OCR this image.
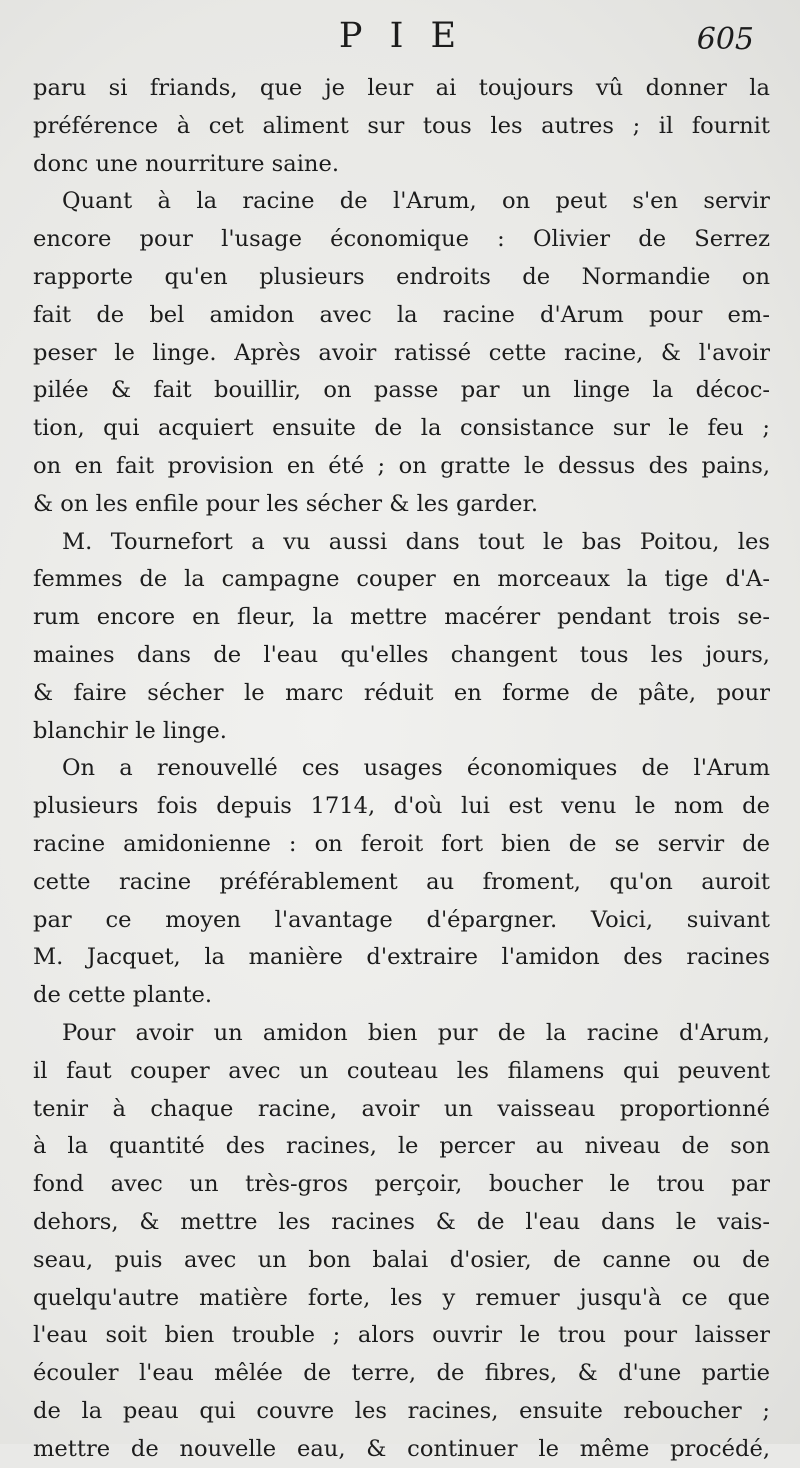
P I E	605
paru si friands, que je leur ai toujours vû donner la
préférence à cet aliment sur tous les autres ; il fournit
donc une nourriture saine.
Quant à la racine de l'Arum, on peut s'en servir
encore pour l'usage économique : Olivier de Serrez
rapporte qu'en plusieurs endroits de Normandie on
fait de bel amidon avec la racine d'Arum pour em-
peser le linge. Après avoir ratissé cette racine, & l'avoir
pilée & fait bouillir, on passe par un linge la décoc-
tion, qui acquiert ensuite de la consistance sur le feu ;
on en fait provision en été ; on gratte le dessus des pains,
& on les enfile pour les sécher & les garder.
M. Tournefort a vu aussi dans tout le bas Poitou, les
femmes de la campagne couper en morceaux la tige d'A-
rum encore en fleur, la mettre macérer pendant trois se-
maines dans de l'eau qu'elles changent tous les jours,
& faire sécher le marc réduit en forme de pâte, pour
blanchir le linge.
On a renouvellé ces usages économiques de l'Arum
plusieurs fois depuis 1714, d'où lui est venu le nom de
racine amidonienne : on feroit fort bien de se servir de
cette racine préférablement au froment, qu'on auroit
par ce moyen l'avantage d'épargner. Voici, suivant
M. Jacquet, la manière d'extraire l'amidon des racines
de cette plante.
Pour avoir un amidon bien pur de la racine d'Arum,
il faut couper avec un couteau les filamens qui peuvent
tenir à chaque racine, avoir un vaisseau proportionné
à la quantité des racines, le percer au niveau de son
fond avec un très-gros perçoir, boucher le trou par
dehors, & mettre les racines & de l'eau dans le vais-
seau, puis avec un bon balai d'osier, de canne ou de
quelqu'autre matière forte, les y remuer jusqu'à ce que
l'eau soit bien trouble ; alors ouvrir le trou pour laisser
écouler l'eau mêlée de terre, de fibres, & d'une partie
de la peau qui couvre les racines, ensuite reboucher ;
mettre de nouvelle eau, & continuer le même procédé,
